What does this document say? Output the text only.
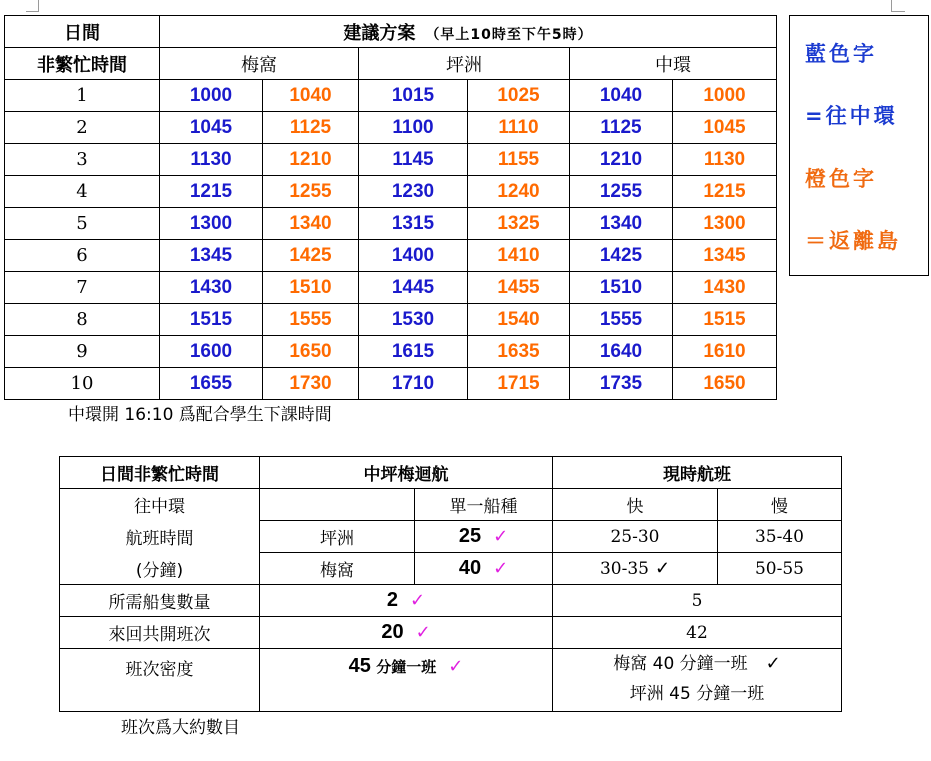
日間	建議方案 （早上10時至下午5時）					
非繁忙時間	梅窩		坪洲		中環	
1	1000	1040	1015	1025	1040	1000
2	1045	1125	1100	1110	1125	1045
3	1130	1210	1145	1155	1210	1130
4	1215	1255	1230	1240	1255	1215
5	1300	1340	1315	1325	1340	1300
6	1345	1425	1400	1410	1425	1345
7	1430	1510	1445	1455	1510	1430
8	1515	1555	1530	1540	1555	1515
9	1600	1650	1615	1635	1640	1610
10	1655	1730	1710	1715	1735	1650
藍色字
=往中環
橙色字
＝返離島
中環開 16:10 爲配合學生下課時間
日間非繁忙時間	中坪梅迴航		現時航班	
往中環		單一船種	快	慢
航班時間	坪洲	25 ✓	25-30	35-40
(分鐘)	梅窩	40 ✓	30-35 ✓	50-55
所需船隻數量	2 ✓		5	
來回共開班次	20 ✓		42	
班次密度	45 分鐘一班 ✓		梅窩 40 分鐘一班 ✓
坪洲 45 分鐘一班	
班次爲大約數目
